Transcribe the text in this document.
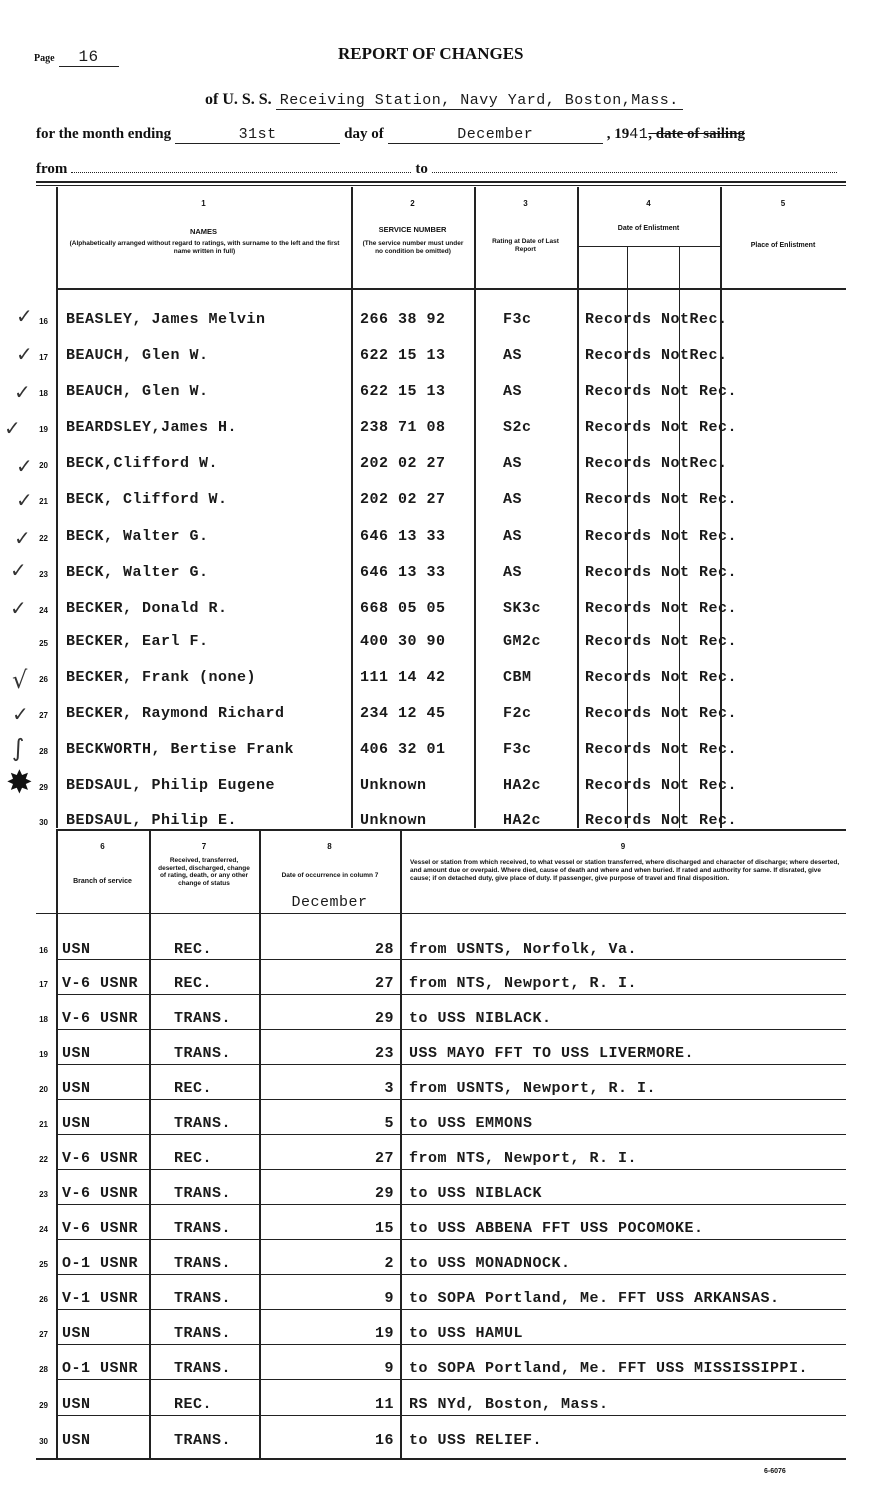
Page 16	REPORT OF CHANGES
of U. S. S. Receiving Station, Navy Yard, Boston,Mass.
for the month ending	31st	day of	December	, 1941, date of sailing
from	to
1
NAMES
(Alphabetically arranged without regard to ratings, with surname to the left and the first name written in full)
2
SERVICE NUMBER
(The service number must under no condition be omitted)
3
Rating at Date of Last Report
4
Date of Enlistment
5
Place of Enlistment
16 BEASLEY, James Melvin	266 38 92	F3c	Records NotRec.
17 BEAUCH, Glen W.	622 15 13	AS	Records NotRec.
18 BEAUCH, Glen W.	622 15 13	AS	Records Not Rec.
19 BEARDSLEY,James H.	238 71 08	S2c	Records Not Rec.
20 BECK,Clifford W.	202 02 27	AS	Records NotRec.
21 BECK, Clifford W.	202 02 27	AS	Records Not Rec.
22 BECK, Walter G.	646 13 33	AS	Records Not Rec.
23 BECK, Walter G.	646 13 33	AS	Records Not Rec.
24 BECKER, Donald R.	668 05 05	SK3c	Records Not Rec.
25 BECKER, Earl F.	400 30 90	GM2c	Records Not Rec.
26 BECKER, Frank (none)	111 14 42	CBM	Records Not Rec.
27 BECKER, Raymond Richard	234 12 45	F2c	Records Not Rec.
28 BECKWORTH, Bertise Frank	406 32 01	F3c	Records Not Rec.
29 BEDSAUL, Philip Eugene	Unknown	HA2c	Records Not Rec.
30 BEDSAUL, Philip E.	Unknown	HA2c	Records Not Rec.
✓
✓
✓
✓
✓
✓
✓
✓
✓
√
✓
∫
✸
6
Branch of service
7
Received, transferred, deserted, discharged, change of rating, death, or any other change of status
8
Date of occurrence in column 7
December
9
Vessel or station from which received, to what vessel or station transferred, where discharged and character of discharge; where deserted, and amount due or overpaid. Where died, cause of death and where and when buried. If rated and authority for same. If disrated, give cause; if on detached duty, give place of duty. If passenger, give purpose of travel and final disposition.
16 USN	REC.	28 from USNTS, Norfolk, Va.
17 V-6 USNR REC.	27 from NTS, Newport, R. I.
18 V-6 USNR TRANS.	29 to USS NIBLACK.
19 USN	TRANS.	23 USS MAYO FFT TO USS LIVERMORE.
20 USN	REC.	3 from USNTS, Newport, R. I.
21 USN	TRANS.	5 to USS EMMONS
22 V-6 USNR REC.	27 from NTS, Newport, R. I.
23 V-6 USNR TRANS.	29 to USS NIBLACK
24 V-6 USNR TRANS.	15 to USS ABBENA FFT USS POCOMOKE.
25 O-1 USNR TRANS.	2 to USS MONADNOCK.
26 V-1 USNR TRANS.	9 to SOPA Portland, Me. FFT USS ARKANSAS.
27 USN	TRANS.	19 to USS HAMUL
28 O-1 USNR TRANS.	9 to SOPA Portland, Me. FFT USS MISSISSIPPI.
29 USN	REC.	11 RS NYd, Boston, Mass.
30 USN	TRANS.	16 to USS RELIEF.
6-6076
